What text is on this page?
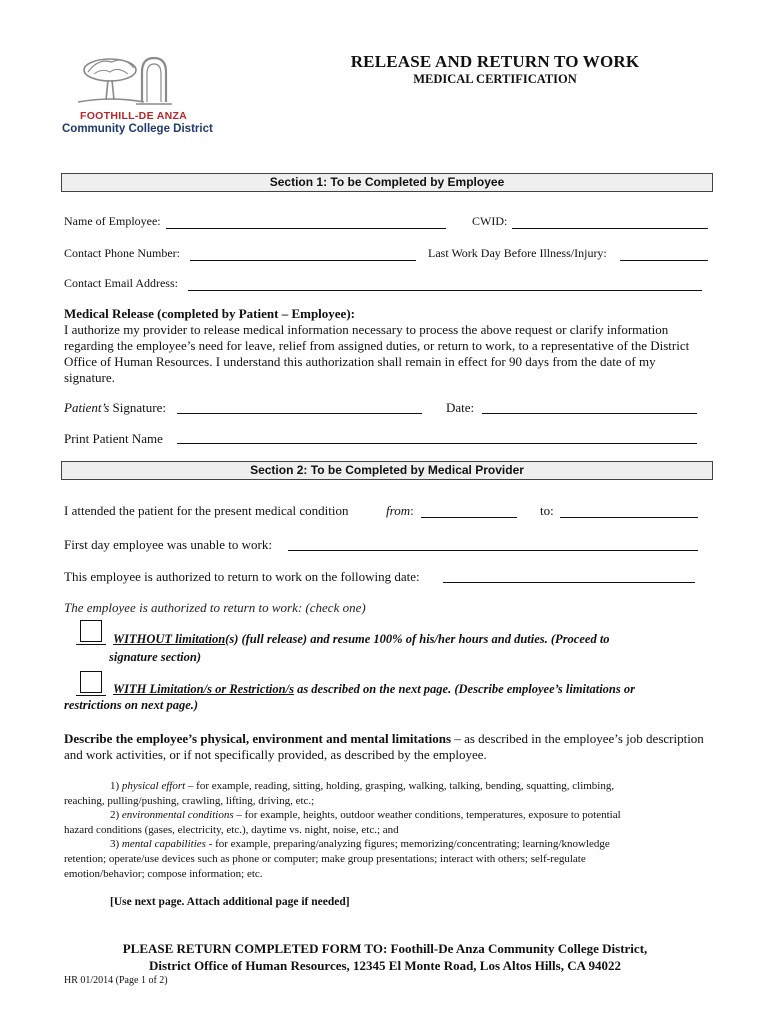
FOOTHILL-DE ANZA
Community College District
RELEASE AND RETURN TO WORK
MEDICAL CERTIFICATION
Section 1: To be Completed by Employee
Name of Employee:	CWID:
Contact Phone Number:	Last Work Day Before Illness/Injury:
Contact Email Address:
Medical Release (completed by Patient – Employee):
I authorize my provider to release medical information necessary to process the above request or clarify information regarding the employee’s need for leave, relief from assigned duties, or return to work, to a representative of the District Office of Human Resources. I understand this authorization shall remain in effect for 90 days from the date of my signature.
Patient’s Signature:	Date:
Print Patient Name
Section 2: To be Completed by Medical Provider
I attended the patient for the present medical condition	from:	to:
First day employee was unable to work:
This employee is authorized to return to work on the following date:
The employee is authorized to return to work: (check one)
WITHOUT limitation(s) (full release) and resume 100% of his/her hours and duties. (Proceed to
signature section)
WITH Limitation/s or Restriction/s as described on the next page. (Describe employee’s limitations or
restrictions on next page.)
Describe the employee’s physical, environment and mental limitations – as described in the employee’s job description and work activities, or if not specifically provided, as described by the employee.
1) physical effort – for example, reading, sitting, holding, grasping, walking, talking, bending, squatting, climbing,
reaching, pulling/pushing, crawling, lifting, driving, etc.;
2) environmental conditions – for example, heights, outdoor weather conditions, temperatures, exposure to potential
hazard conditions (gases, electricity, etc.), daytime vs. night, noise, etc.; and
3) mental capabilities - for example, preparing/analyzing figures; memorizing/concentrating; learning/knowledge
retention; operate/use devices such as phone or computer; make group presentations; interact with others; self-regulate
emotion/behavior; compose information; etc.
[Use next page. Attach additional page if needed]
PLEASE RETURN COMPLETED FORM TO: Foothill-De Anza Community College District,
District Office of Human Resources, 12345 El Monte Road, Los Altos Hills, CA 94022
HR 01/2014 (Page 1 of 2)
